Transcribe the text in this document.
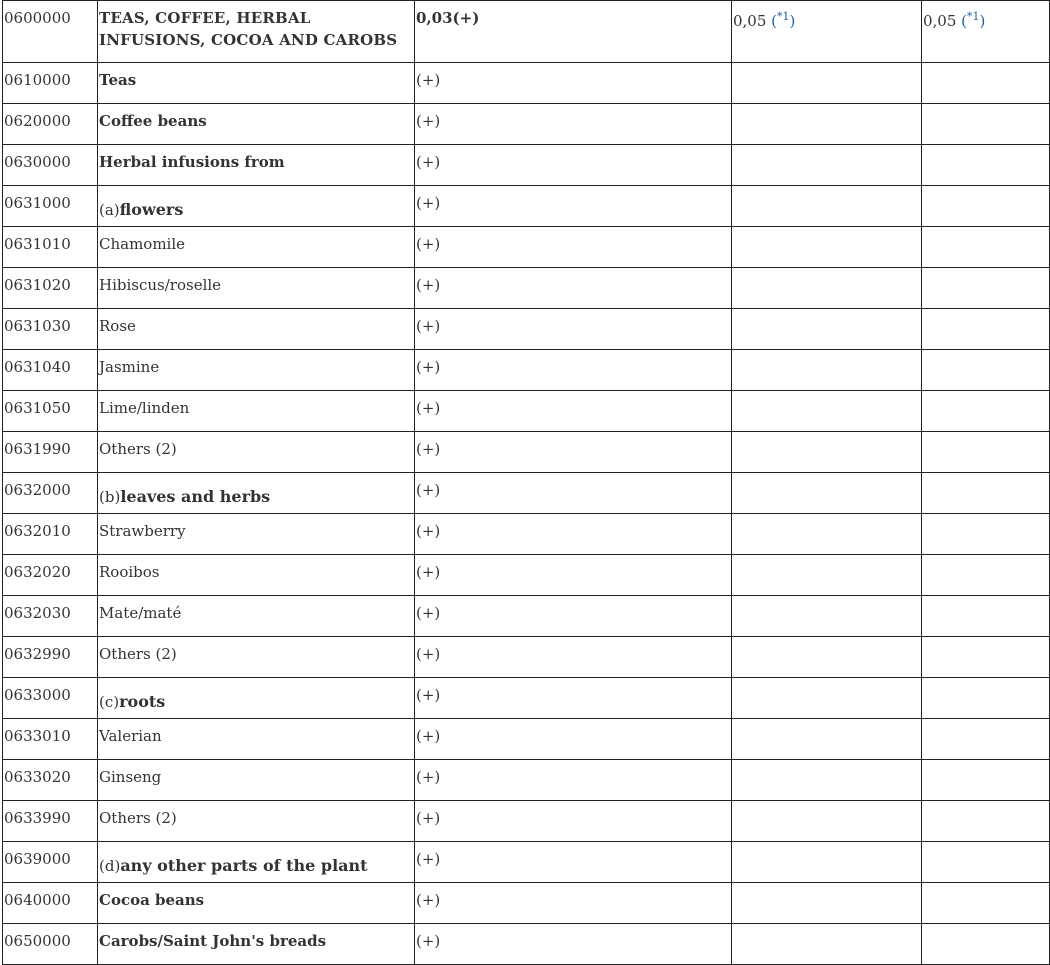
0600000	TEAS, COFFEE, HERBAL INFUSIONS, COCOA AND CAROBS	0,03(+)	0,05 ($^{*1}$)	0,05 ($^{*1}$)
0610000	Teas	(+)		
0620000	Coffee beans	(+)		
0630000	Herbal infusions from	(+)		
0631000	(a)flowers	(+)		
0631010	Chamomile	(+)		
0631020	Hibiscus/roselle	(+)		
0631030	Rose	(+)		
0631040	Jasmine	(+)		
0631050	Lime/linden	(+)		
0631990	Others (2)	(+)		
0632000	(b)leaves and herbs	(+)		
0632010	Strawberry	(+)		
0632020	Rooibos	(+)		
0632030	Mate/maté	(+)		
0632990	Others (2)	(+)		
0633000	(c)roots	(+)		
0633010	Valerian	(+)		
0633020	Ginseng	(+)		
0633990	Others (2)	(+)		
0639000	(d)any other parts of the plant	(+)		
0640000	Cocoa beans	(+)		
0650000	Carobs/Saint John's breads	(+)		
